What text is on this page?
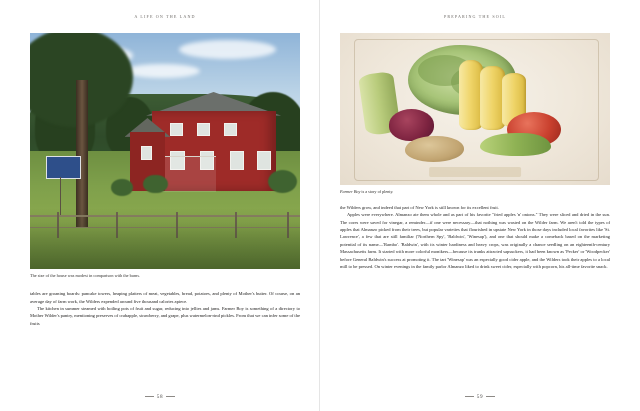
A LIFE ON THE LAND
The size of the house was modest in comparison with the barns.

tables are groaning boards: pancake towers, heaping platters of meat, vegetables, bread, potatoes, and plenty of Mother's butter. Of course, on an average day of farm work, the Wilders expended around five thousand calories apiece.

The kitchen in summer steamed with boiling pots of fruit and sugar, reducing into jellies and jams. Farmer Boy is something of a directory to Mother Wilder's pantry, mentioning preserves of crabapple, strawberry, and grape, plus watermelon-rind pickles. From that we can infer some of the fruits

58
PREPARING THE SOIL
Farmer Boy is a story of plenty.

the Wilders grow, and indeed that part of New York is still known for its excellent fruit.

Apples were everywhere. Almanzo ate them whole and as part of his favorite "fried apples 'n' onions." They were sliced and dried in the sun. The cores were saved for vinegar, a reminder—if one were necessary—that nothing was wasted on the Wilder farm. We aren't told the types of apples that Almanzo picked from their trees, but popular varieties that flourished in upstate New York in those days included local favorites like 'St. Lawrence', a few that are still familiar ('Northern Spy', 'Baldwin', 'Winesap'), and one that should make a comeback based on the marketing potential of its name—'Rambo'. 'Baldwin', with its winter hardiness and heavy crops, was originally a chance seedling on an eighteenth-century Massachusetts farm. It started with more colorful monikers—because its trunks attracted sapsuckers, it had been known as 'Pecker' or 'Woodpecker' before General Baldwin's success at promoting it. The tart 'Winesap' was an especially good cider apple, and the Wilders took their apples to a local mill to be pressed. On winter evenings in the family parlor Almanzo liked to drink sweet cider, especially with popcorn, his all-time favorite snack.

59
